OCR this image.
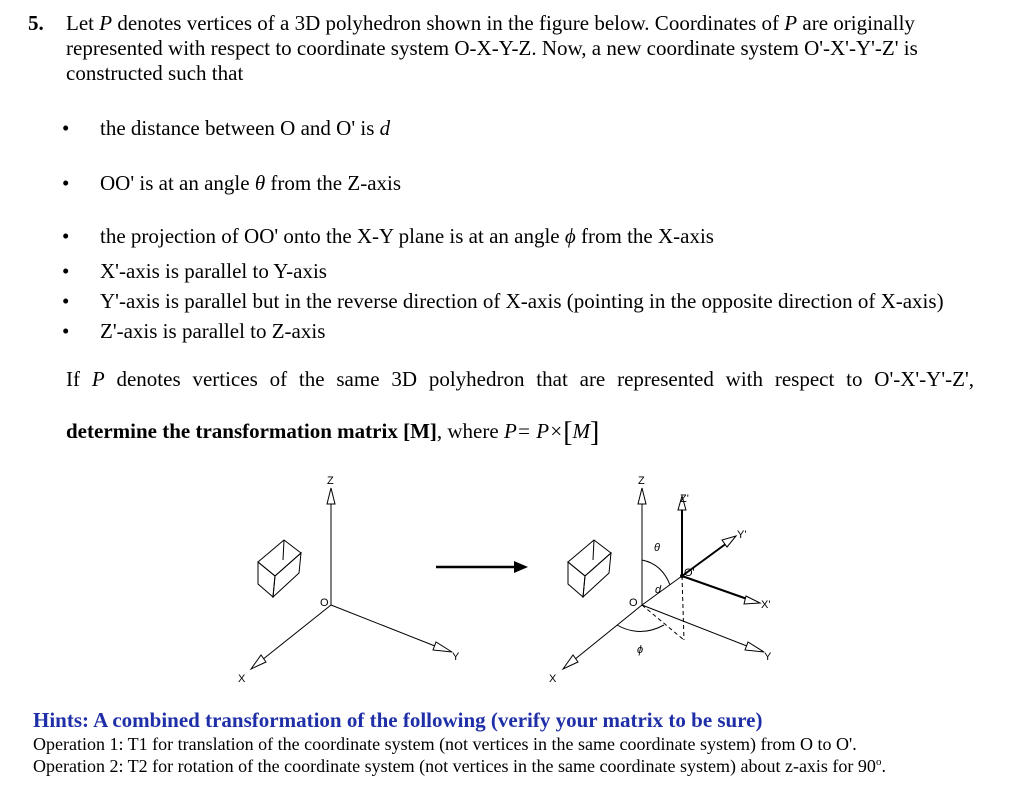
5. Let P denotes vertices of a 3D polyhedron shown in the figure below. Coordinates of P are originally represented with respect to coordinate system O-X-Y-Z. Now, a new coordinate system O'-X'-Y'-Z' is constructed such that
• the distance between O and O' is d
• OO' is at an angle θ from the Z-axis
• the projection of OO' onto the X-Y plane is at an angle ϕ from the X-axis
• X'-axis is parallel to Y-axis
• Y'-axis is parallel but in the reverse direction of X-axis (pointing in the opposite direction of X-axis)
• Z'-axis is parallel to Z-axis
If P denotes vertices of the same 3D polyhedron that are represented with respect to O'-X'-Y'-Z',
determine the transformation matrix [M], where P= P×[M]
Z
Y
X
O
Z
Z'
Y'
X'
Y
X
O
O'
θ
d
ϕ
Hints: A combined transformation of the following (verify your matrix to be sure)
Operation 1: T1 for translation of the coordinate system (not vertices in the same coordinate system) from O to O'.
Operation 2: T2 for rotation of the coordinate system (not vertices in the same coordinate system) about z-axis for 90$^o$.
